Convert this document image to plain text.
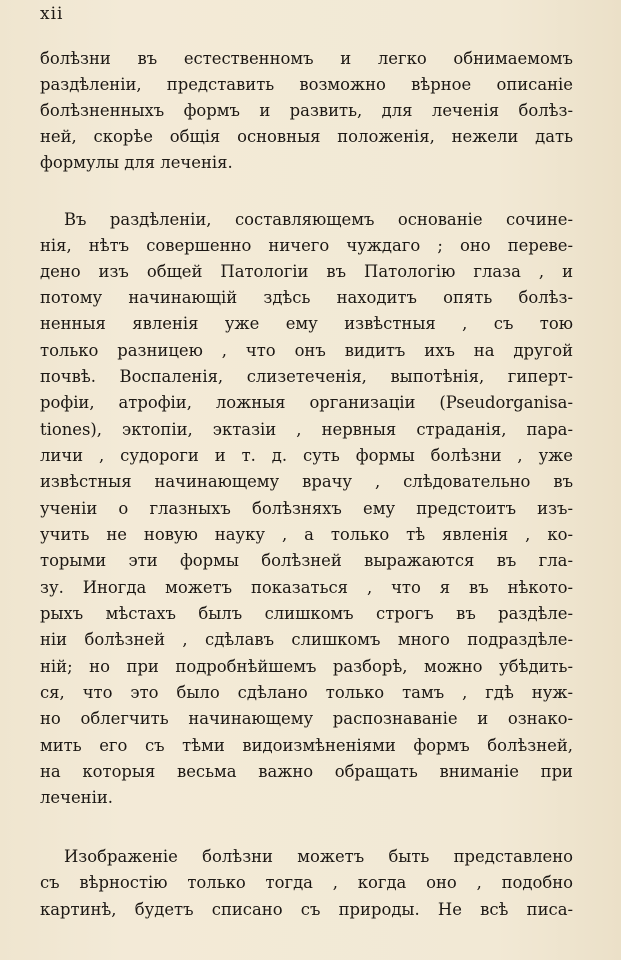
xii
болѣзни въ естественномъ и легко обнимаемомъ
раздѣленіи, представить возможно вѣрное описаніе
болѣзненныхъ формъ и развить, для леченія болѣз-
ней, скорѣе общія основныя положенія, нежели дать
формулы для леченія.
Въ раздѣленіи, составляющемъ основаніе сочине-
нія, нѣтъ совершенно ничего чуждаго ; оно переве-
дено изъ общей Патологіи въ Патологію глаза , и
потому начинающій здѣсь находитъ опять болѣз-
ненныя явленія уже ему извѣстныя , съ тою
только разницею , что онъ видитъ ихъ на другой
почвѣ. Воспаленія, слизетеченія, выпотѣнія, гиперт-
рофіи, атрофіи, ложныя организаціи (Pseudorganisa-
tiones), эктопіи, эктазіи , нервныя страданія, пара-
личи , судороги и т. д. суть формы болѣзни , уже
извѣстныя начинающему врачу , слѣдовательно въ
ученіи о глазныхъ болѣзняхъ ему предстоитъ изъ-
учить не новую науку , а только тѣ явленія , ко-
торыми эти формы болѣзней выражаются въ гла-
зу. Иногда можетъ показаться , что я въ нѣкото-
рыхъ мѣстахъ былъ слишкомъ строгъ въ раздѣле-
ніи болѣзней , сдѣлавъ слишкомъ много подраздѣле-
ній; но при подробнѣйшемъ разборѣ, можно убѣдить-
ся, что это было сдѣлано только тамъ , гдѣ нуж-
но облегчить начинающему распознаваніе и ознако-
мить его съ тѣми видоизмѣненіями формъ болѣзней,
на которыя весьма важно обращать вниманіе при
леченіи.
Изображеніе болѣзни можетъ быть представлено
съ вѣрностію только тогда , когда оно , подобно
картинѣ, будетъ списано съ природы. Не всѣ писа-
